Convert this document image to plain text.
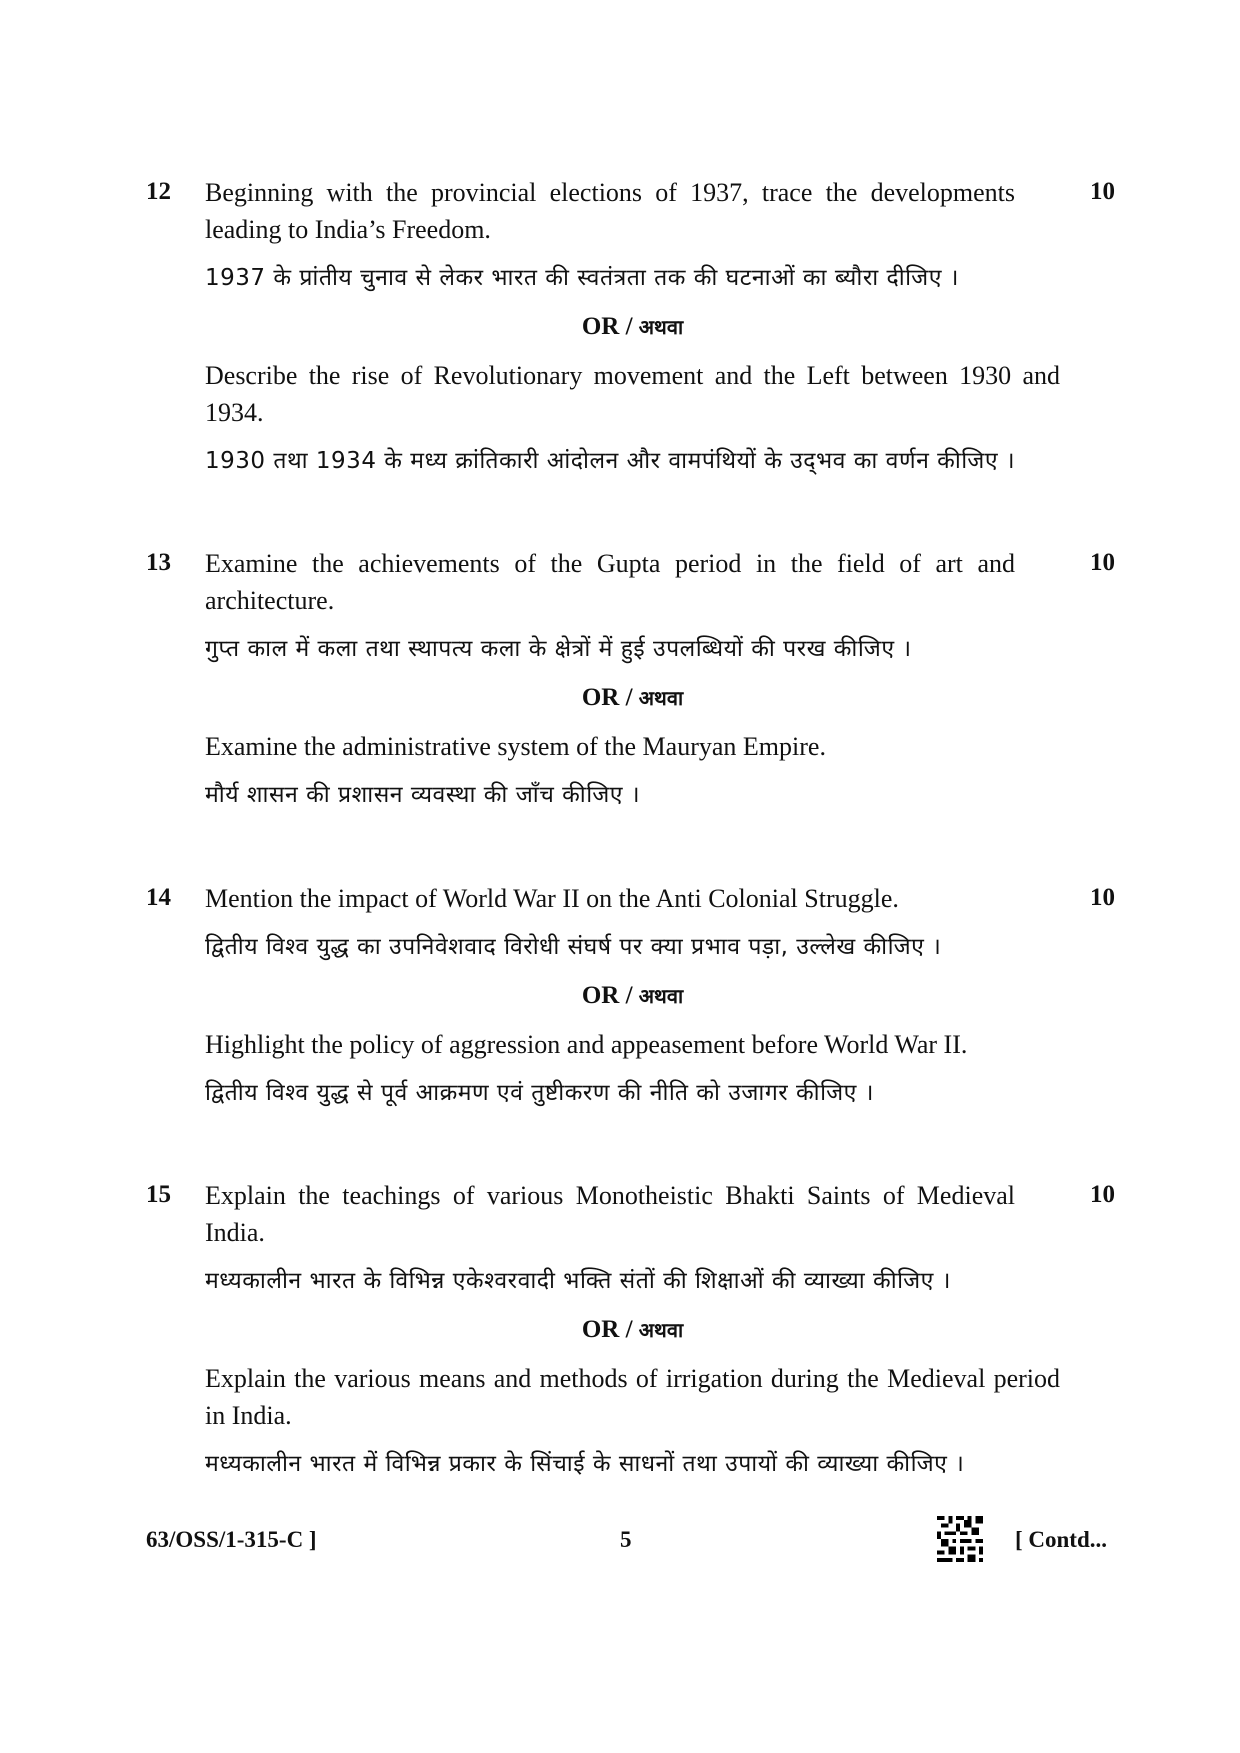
12	10

Beginning with the provincial elections of 1937, trace the developments leading to India’s Freedom.

1937 के प्रांतीय चुनाव से लेकर भारत की स्वतंत्रता तक की घटनाओं का ब्यौरा दीजिए ।

OR / अथवा

Describe the rise of Revolutionary movement and the Left between 1930 and 1934.

1930 तथा 1934 के मध्य क्रांतिकारी आंदोलन और वामपंथियों के उद्‌भव का वर्णन कीजिए ।

13	10

Examine the achievements of the Gupta period in the field of art and architecture.

गुप्त काल में कला तथा स्थापत्य कला के क्षेत्रों में हुई उपलब्धियों की परख कीजिए ।

OR / अथवा

Examine the administrative system of the Mauryan Empire.

मौर्य शासन की प्रशासन व्यवस्था की जाँच कीजिए ।

14	10

Mention the impact of World War II on the Anti Colonial Struggle.

द्वितीय विश्व युद्ध का उपनिवेशवाद विरोधी संघर्ष पर क्या प्रभाव पड़ा, उल्लेख कीजिए ।

OR / अथवा

Highlight the policy of aggression and appeasement before World War II.

द्वितीय विश्व युद्ध से पूर्व आक्रमण एवं तुष्टीकरण की नीति को उजागर कीजिए ।

15	10

Explain the teachings of various Monotheistic Bhakti Saints of Medieval India.

मध्यकालीन भारत के विभिन्न एकेश्वरवादी भक्ति संतों की शिक्षाओं की व्याख्या कीजिए ।

OR / अथवा

Explain the various means and methods of irrigation during the Medieval period in India.

मध्यकालीन भारत में विभिन्न प्रकार के सिंचाई के साधनों तथा उपायों की व्याख्या कीजिए ।

63/OSS/1-315-C ]	5	[ Contd...
